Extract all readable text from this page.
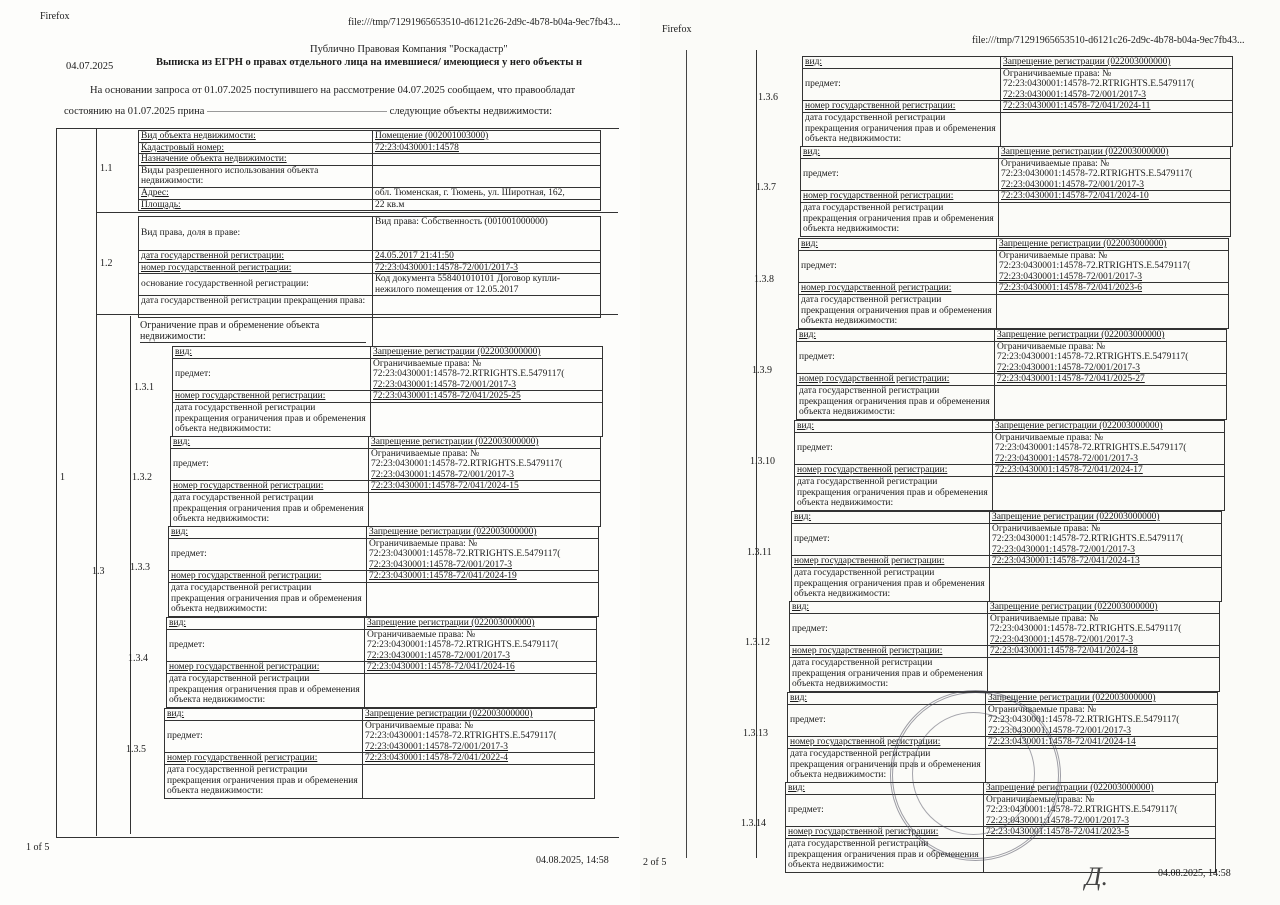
Firefox
file:///tmp/71291965653510-d6121c26-2d9c-4b78-b04a-9ec7fb43...
Публично Правовая Компания "Роскадастр"
Выписка из ЕГРН о правах отдельного лица на имевшиеся/ имеющиеся у него объекты н
04.07.2025
На основании запроса от 01.07.2025 поступившего на рассмотрение 04.07.2025 сообщаем, что правообладат
состоянию на 01.07.2025 прина	следующие объекты недвижимости:
1
1.1
Вид объекта недвижимости:	Помещение (002001003000)
Кадастровый номер:	72:23:0430001:14578
Назначение объекта недвижимости:	
Виды разрешенного использования объекта недвижимости:	
Адрес:	обл. Тюменская, г. Тюмень, ул. Широтная, 162,
Площадь:	22 кв.м
1.2
Вид права, доля в праве:	Вид права: Собственность (001001000000)
дата государственной регистрации:	24.05.2017 21:41:50
номер государственной регистрации:	72:23:0430001:14578-72/001/2017-3
основание государственной регистрации:	Код документа 558401010101 Договор купли-нежилого помещения от 12.05.2017
дата государственной регистрации прекращения права:	
1.3
Ограничение прав и обременение объекта недвижимости:
1.3.1
вид:	Запрещение регистрации (022003000000)
предмет:	Ограничиваемые права: №
72:23:0430001:14578-72.RTRIGHTS.E.5479117(
72:23:0430001:14578-72/001/2017-3

номер государственной регистрации:	72:23:0430001:14578-72/041/2025-25
дата государственной регистрации прекращения ограничения прав и обременения объекта недвижимости:	
1.3.2
вид:	Запрещение регистрации (022003000000)
предмет:	Ограничиваемые права: №
72:23:0430001:14578-72.RTRIGHTS.E.5479117(
72:23:0430001:14578-72/001/2017-3

номер государственной регистрации:	72:23:0430001:14578-72/041/2024-15
дата государственной регистрации прекращения ограничения прав и обременения объекта недвижимости:	
1.3.3
вид:	Запрещение регистрации (022003000000)
предмет:	Ограничиваемые права: №
72:23:0430001:14578-72.RTRIGHTS.E.5479117(
72:23:0430001:14578-72/001/2017-3

номер государственной регистрации:	72:23:0430001:14578-72/041/2024-19
дата государственной регистрации прекращения ограничения прав и обременения объекта недвижимости:	
1.3.4
вид:	Запрещение регистрации (022003000000)
предмет:	Ограничиваемые права: №
72:23:0430001:14578-72.RTRIGHTS.E.5479117(
72:23:0430001:14578-72/001/2017-3

номер государственной регистрации:	72:23:0430001:14578-72/041/2024-16
дата государственной регистрации прекращения ограничения прав и обременения объекта недвижимости:	
1.3.5
вид:	Запрещение регистрации (022003000000)
предмет:	Ограничиваемые права: №
72:23:0430001:14578-72.RTRIGHTS.E.5479117(
72:23:0430001:14578-72/001/2017-3

номер государственной регистрации:	72:23:0430001:14578-72/041/2022-4
дата государственной регистрации прекращения ограничения прав и обременения объекта недвижимости:	
1 of 5
04.08.2025, 14:58
Firefox
file:///tmp/71291965653510-d6121c26-2d9c-4b78-b04a-9ec7fb43...
1.3.6
вид:	Запрещение регистрации (022003000000)
предмет:	Ограничиваемые права: №
72:23:0430001:14578-72.RTRIGHTS.E.5479117(
72:23:0430001:14578-72/001/2017-3

номер государственной регистрации:	72:23:0430001:14578-72/041/2024-11
дата государственной регистрации прекращения ограничения прав и обременения объекта недвижимости:	
1.3.7
вид:	Запрещение регистрации (022003000000)
предмет:	Ограничиваемые права: №
72:23:0430001:14578-72.RTRIGHTS.E.5479117(
72:23:0430001:14578-72/001/2017-3

номер государственной регистрации:	72:23:0430001:14578-72/041/2024-10
дата государственной регистрации прекращения ограничения прав и обременения объекта недвижимости:	
1.3.8
вид:	Запрещение регистрации (022003000000)
предмет:	Ограничиваемые права: №
72:23:0430001:14578-72.RTRIGHTS.E.5479117(
72:23:0430001:14578-72/001/2017-3

номер государственной регистрации:	72:23:0430001:14578-72/041/2023-6
дата государственной регистрации прекращения ограничения прав и обременения объекта недвижимости:	
1.3.9
вид:	Запрещение регистрации (022003000000)
предмет:	Ограничиваемые права: №
72:23:0430001:14578-72.RTRIGHTS.E.5479117(
72:23:0430001:14578-72/001/2017-3

номер государственной регистрации:	72:23:0430001:14578-72/041/2025-27
дата государственной регистрации прекращения ограничения прав и обременения объекта недвижимости:	
1.3.10
вид:	Запрещение регистрации (022003000000)
предмет:	Ограничиваемые права: №
72:23:0430001:14578-72.RTRIGHTS.E.5479117(
72:23:0430001:14578-72/001/2017-3

номер государственной регистрации:	72:23:0430001:14578-72/041/2024-17
дата государственной регистрации прекращения ограничения прав и обременения объекта недвижимости:	
1.3.11
вид:	Запрещение регистрации (022003000000)
предмет:	Ограничиваемые права: №
72:23:0430001:14578-72.RTRIGHTS.E.5479117(
72:23:0430001:14578-72/001/2017-3

номер государственной регистрации:	72:23:0430001:14578-72/041/2024-13
дата государственной регистрации прекращения ограничения прав и обременения объекта недвижимости:	
1.3.12
вид:	Запрещение регистрации (022003000000)
предмет:	Ограничиваемые права: №
72:23:0430001:14578-72.RTRIGHTS.E.5479117(
72:23:0430001:14578-72/001/2017-3

номер государственной регистрации:	72:23:0430001:14578-72/041/2024-18
дата государственной регистрации прекращения ограничения прав и обременения объекта недвижимости:	
1.3.13
вид:	Запрещение регистрации (022003000000)
предмет:	Ограничиваемые права: №
72:23:0430001:14578-72.RTRIGHTS.E.5479117(
72:23:0430001:14578-72/001/2017-3

номер государственной регистрации:	72:23:0430001:14578-72/041/2024-14
дата государственной регистрации прекращения ограничения прав и обременения объекта недвижимости:	
1.3.14
вид:	Запрещение регистрации (022003000000)
предмет:	Ограничиваемые права: №
72:23:0430001:14578-72.RTRIGHTS.E.5479117(
72:23:0430001:14578-72/001/2017-3

номер государственной регистрации:	72:23:0430001:14578-72/041/2023-5
дата государственной регистрации прекращения ограничения прав и обременения объекта недвижимости:		Д.
2 of 5
04.08.2025, 14:58
